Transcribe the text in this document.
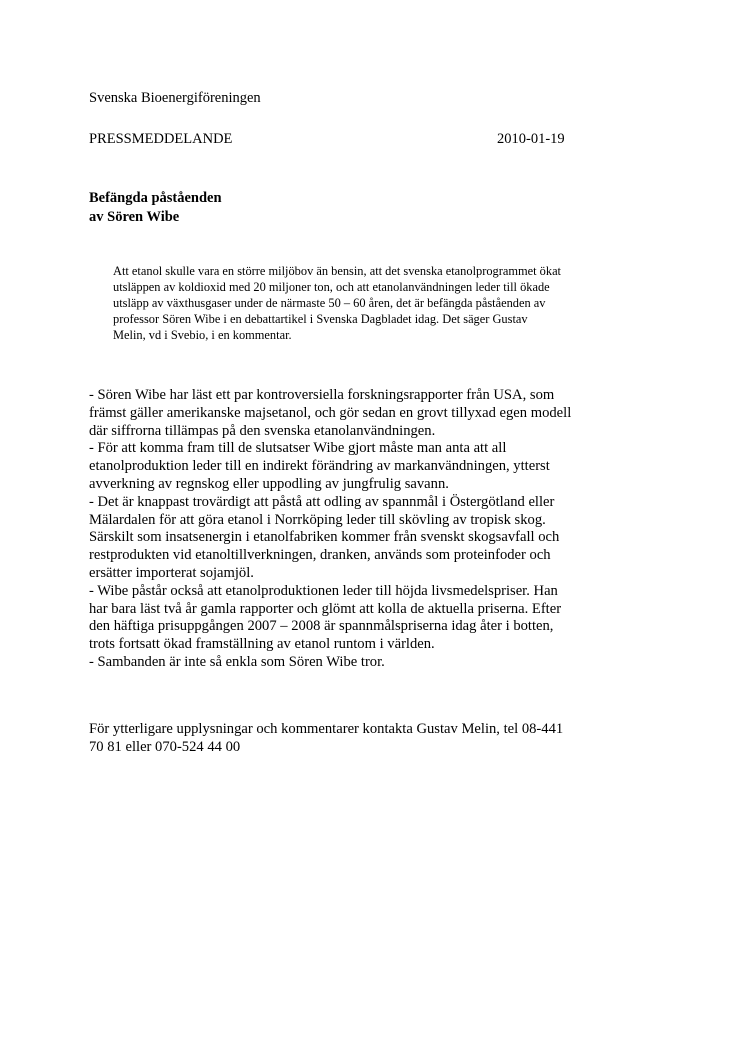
Svenska Bioenergiföreningen
PRESSMEDDELANDE	2010-01-19
Befängda påståenden
av Sören Wibe
Att etanol skulle vara en större miljöbov än bensin, att det svenska etanolprogrammet ökat
utsläppen av koldioxid med 20 miljoner ton, och att etanolanvändningen leder till ökade
utsläpp av växthusgaser under de närmaste 50 – 60 åren, det är befängda påståenden av
professor Sören Wibe i en debattartikel i Svenska Dagbladet idag. Det säger Gustav
Melin, vd i Svebio, i en kommentar.
- Sören Wibe har läst ett par kontroversiella forskningsrapporter från USA, som
främst gäller amerikanske majsetanol, och gör sedan en grovt tillyxad egen modell
där siffrorna tillämpas på den svenska etanolanvändningen.
- För att komma fram till de slutsatser Wibe gjort måste man anta att all
etanolproduktion leder till en indirekt förändring av markanvändningen, ytterst
avverkning av regnskog eller uppodling av jungfrulig savann.
- Det är knappast trovärdigt att påstå att odling av spannmål i Östergötland eller
Mälardalen för att göra etanol i Norrköping leder till skövling av tropisk skog.
Särskilt som insatsenergin i etanolfabriken kommer från svenskt skogsavfall och
restprodukten vid etanoltillverkningen, dranken, används som proteinfoder och
ersätter importerat sojamjöl.
- Wibe påstår också att etanolproduktionen leder till höjda livsmedelspriser. Han
har bara läst två år gamla rapporter och glömt att kolla de aktuella priserna. Efter
den häftiga prisuppgången 2007 – 2008 är spannmålspriserna idag åter i botten,
trots fortsatt ökad framställning av etanol runtom i världen.
- Sambanden är inte så enkla som Sören Wibe tror.
För ytterligare upplysningar och kommentarer kontakta Gustav Melin, tel 08-441
70 81 eller 070-524 44 00
